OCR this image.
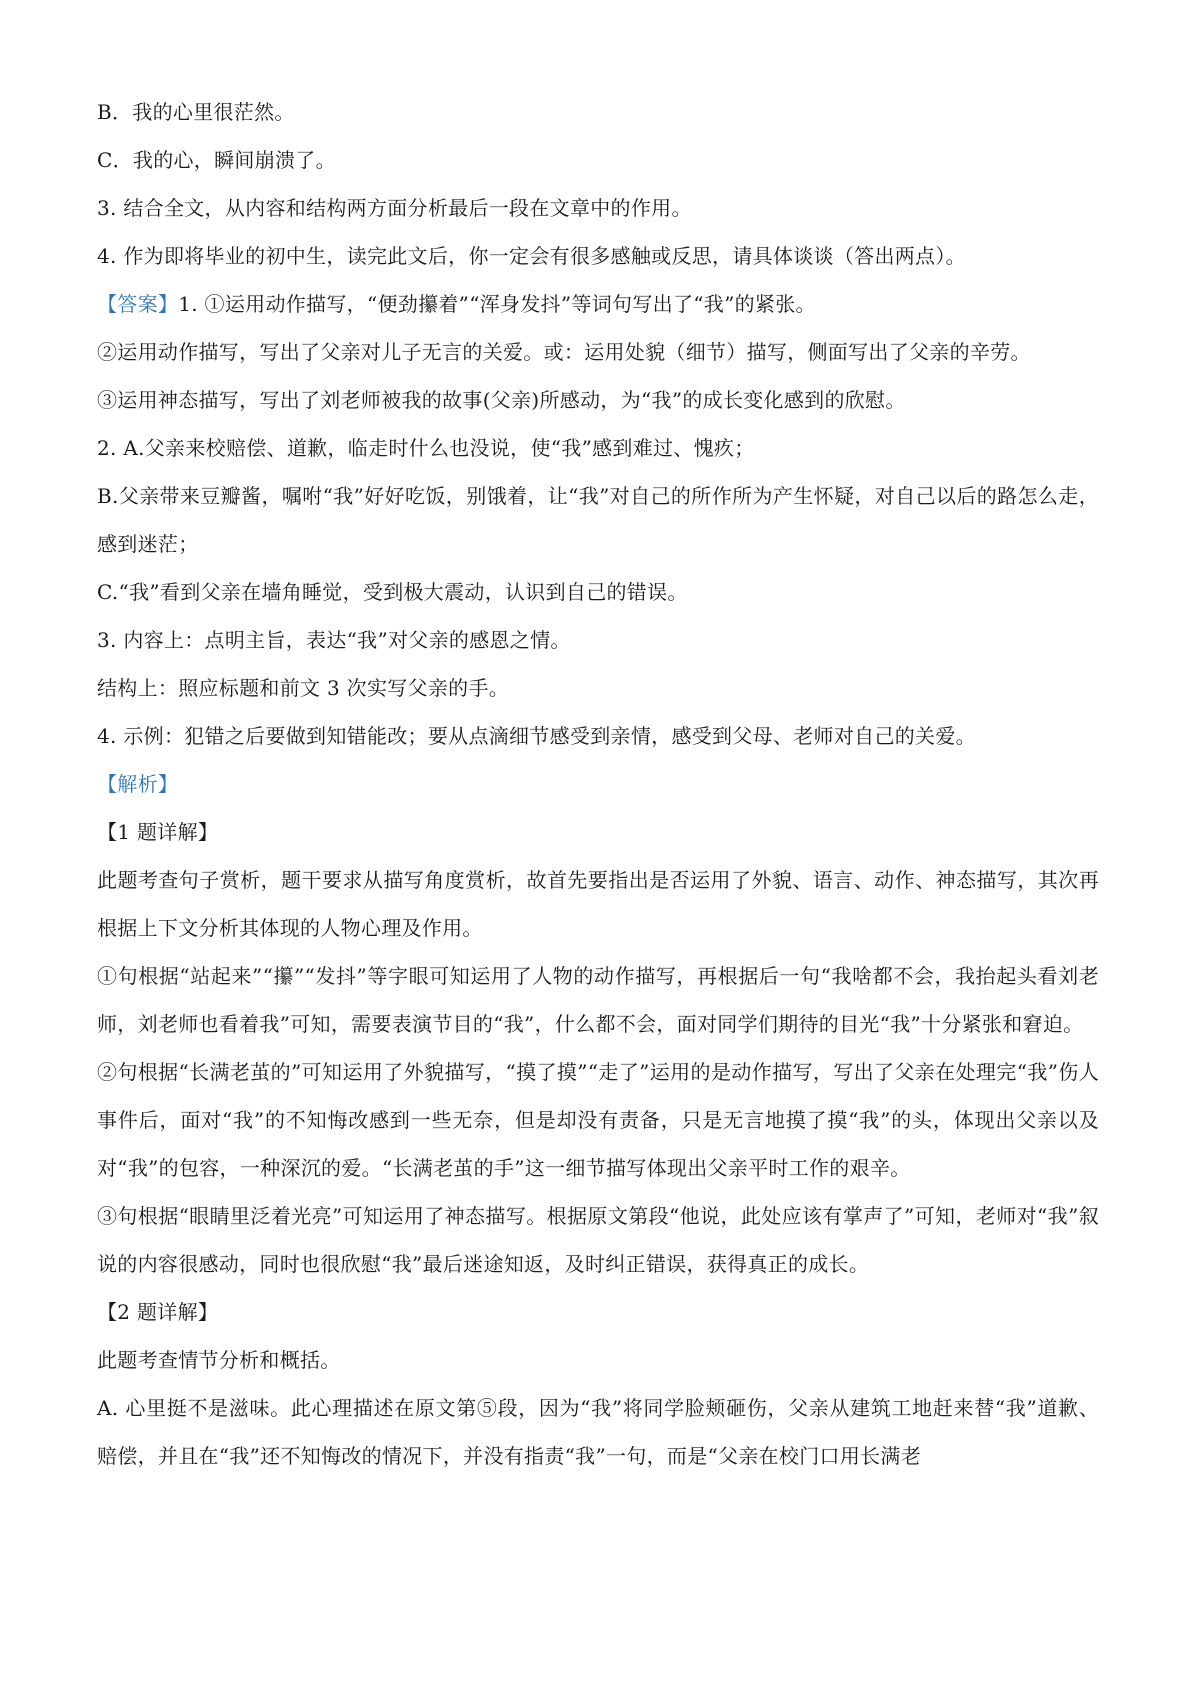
B．我的心里很茫然。
C．我的心，瞬间崩溃了。
3. 结合全文，从内容和结构两方面分析最后一段在文章中的作用。
4. 作为即将毕业的初中生，读完此文后，你一定会有很多感触或反思，请具体谈谈（答出两点）。
【答案】1. ①运用动作描写，“便劲攥着”“浑身发抖”等词句写出了“我”的紧张。
②运用动作描写，写出了父亲对儿子无言的关爱。或：运用处貌（细节）描写，侧面写出了父亲的辛劳。
③运用神态描写，写出了刘老师被我的故事(父亲)所感动，为“我”的成长变化感到的欣慰。
2. A.父亲来校赔偿、道歉，临走时什么也没说，使“我”感到难过、愧疚；
B.父亲带来豆瓣酱，嘱咐“我”好好吃饭，别饿着，让“我”对自己的所作所为产生怀疑，对自己以后的路怎么走，感到迷茫；
C.“我”看到父亲在墙角睡觉，受到极大震动，认识到自己的错误。
3. 内容上：点明主旨，表达“我”对父亲的感恩之情。
结构上：照应标题和前文 3 次实写父亲的手。
4. 示例：犯错之后要做到知错能改；要从点滴细节感受到亲情，感受到父母、老师对自己的关爱。
【解析】
【1 题详解】
此题考查句子赏析，题干要求从描写角度赏析，故首先要指出是否运用了外貌、语言、动作、神态描写，其次再根据上下文分析其体现的人物心理及作用。
①句根据“站起来”“攥”“发抖”等字眼可知运用了人物的动作描写，再根据后一句“我啥都不会，我抬起头看刘老师，刘老师也看着我”可知，需要表演节目的“我”，什么都不会，面对同学们期待的目光“我”十分紧张和窘迫。
②句根据“长满老茧的”可知运用了外貌描写，“摸了摸”“走了”运用的是动作描写，写出了父亲在处理完“我”伤人事件后，面对“我”的不知悔改感到一些无奈，但是却没有责备，只是无言地摸了摸“我”的头，体现出父亲以及对“我”的包容，一种深沉的爱。“长满老茧的手”这一细节描写体现出父亲平时工作的艰辛。
③句根据“眼睛里泛着光亮”可知运用了神态描写。根据原文第段“他说，此处应该有掌声了”可知，老师对“我”叙说的内容很感动，同时也很欣慰“我”最后迷途知返，及时纠正错误，获得真正的成长。
【2 题详解】
此题考查情节分析和概括。
A. 心里挺不是滋味。此心理描述在原文第⑤段，因为“我”将同学脸颊砸伤，父亲从建筑工地赶来替“我”道歉、赔偿，并且在“我”还不知悔改的情况下，并没有指责“我”一句，而是“父亲在校门口用长满老
